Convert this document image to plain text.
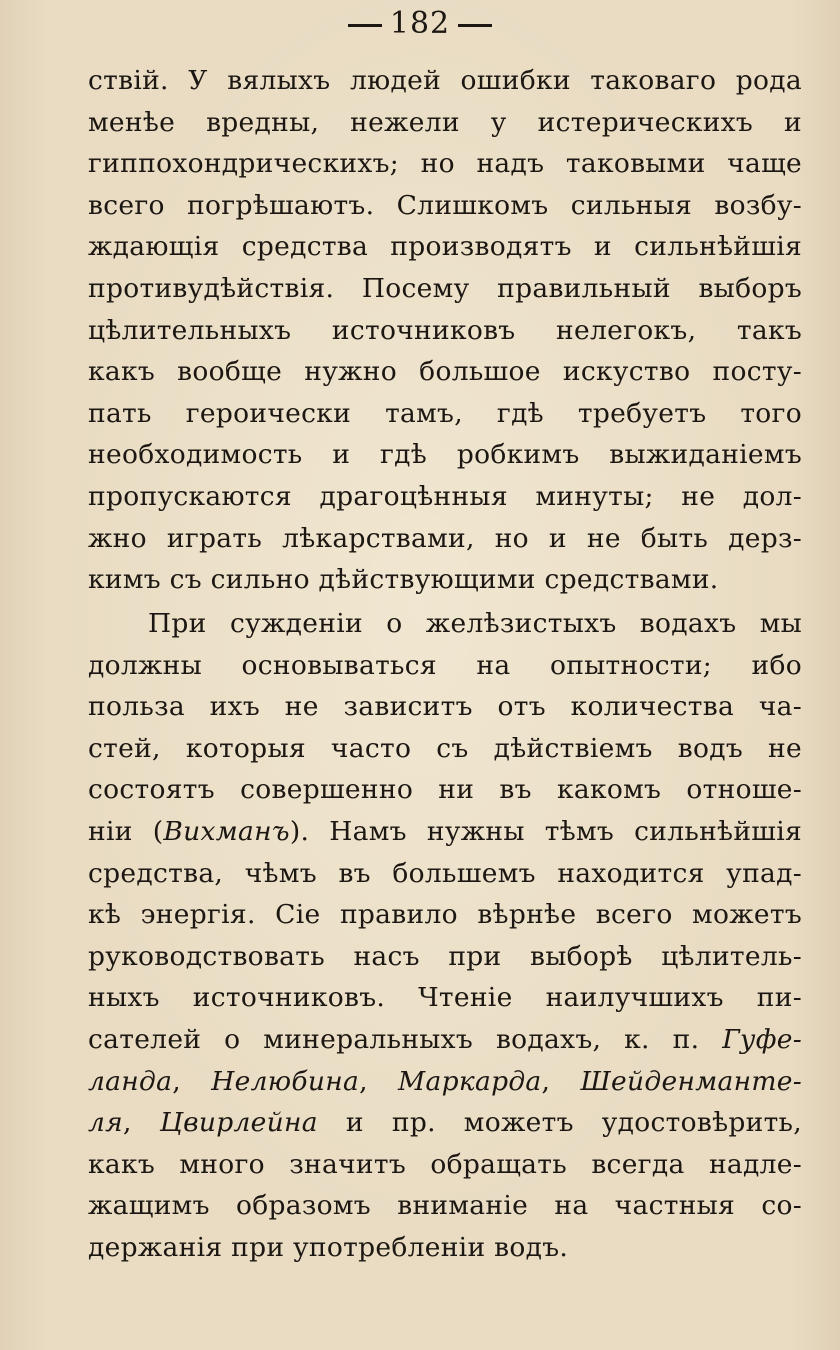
182
ствій. У вялыхъ людей ошибки таковаго рода
менѣе вредны, нежели у истерическихъ и
гиппохондрическихъ; но надъ таковыми чаще
всего погрѣшаютъ. Слишкомъ сильныя возбу-
ждающія средства производятъ и сильнѣйшія
противудѣйствія. Посему правильный выборъ
цѣлительныхъ источниковъ нелегокъ, такъ
какъ вообще нужно большое искуство посту-
пать героически тамъ, гдѣ требуетъ того
необходимость и гдѣ робкимъ выжиданіемъ
пропускаются драгоцѣнныя минуты; не дол-
жно играть лѣкарствами, но и не быть дерз-
кимъ съ сильно дѣйствующими средствами.
При сужденіи о желѣзистыхъ водахъ мы
должны основываться на опытности; ибо
польза ихъ не зависитъ отъ количества ча-
стей, которыя часто съ дѣйствіемъ водъ не
состоятъ совершенно ни въ какомъ отноше-
ніи (Вихманъ). Намъ нужны тѣмъ сильнѣйшія
средства, чѣмъ въ большемъ находится упад-
кѣ энергія. Сіе правило вѣрнѣе всего можетъ
руководствовать насъ при выборѣ цѣлитель-
ныхъ источниковъ. Чтеніе наилучшихъ пи-
сателей о минеральныхъ водахъ, к. п. Гуфе-
ланда, Нелюбина, Маркарда, Шейденманте-
ля, Цвирлейна и пр. можетъ удостовѣрить,
какъ много значитъ обращать всегда надле-
жащимъ образомъ вниманіе на частныя со-
держанія при употребленіи водъ.
